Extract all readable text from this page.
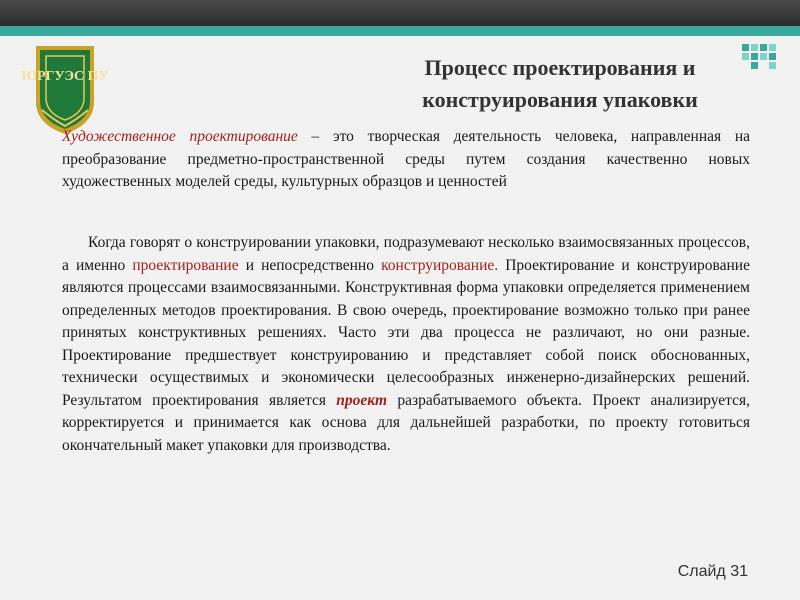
ЮРГУЭС ПУ	Процесс проектирования и конструирования упаковки

Художественное проектирование – это творческая деятельность человека, направленная на преобразование предметно-пространственной среды путем создания качественно новых художественных моделей среды, культурных образцов и ценностей

Когда говорят о конструировании упаковки, подразумевают несколько взаимосвязанных процессов, а именно проектирование и непосредственно конструирование. Проектирование и конструирование являются процессами взаимосвязанными. Конструктивная форма упаковки определяется применением определенных методов проектирования. В свою очередь, проектирование возможно только при ранее принятых конструктивных решениях. Часто эти два процесса не различают, но они разные. Проектирование предшествует конструированию и представляет собой поиск обоснованных, технически осуществимых и экономически целесообразных инженерно-дизайнерских решений. Результатом проектирования является проект разрабатываемого объекта. Проект анализируется, корректируется и принимается как основа для дальнейшей разработки, по проекту готовиться окончательный макет упаковки для производства.

Слайд 31
